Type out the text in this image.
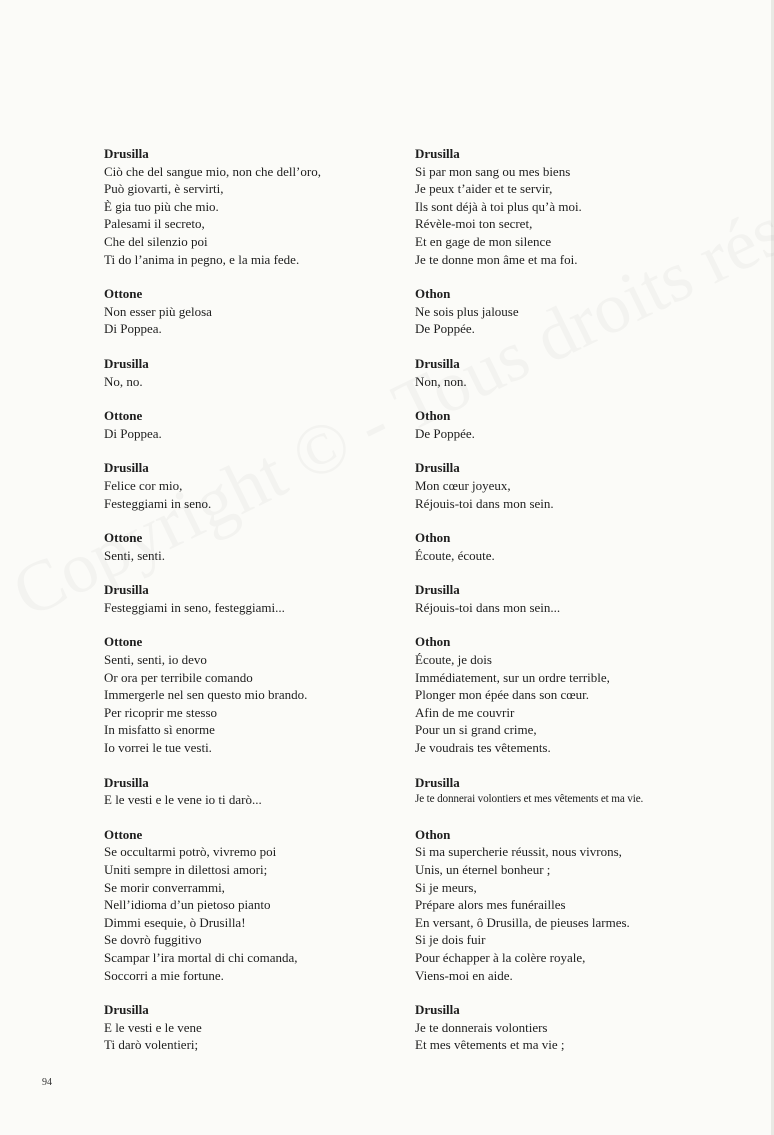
Drusilla
Ciò che del sangue mio, non che dell’oro,
Può giovarti, è servirti,
È gia tuo più che mio.
Palesami il secreto,
Che del silenzio poi
Ti do l’anima in pegno, e la mia fede.
Ottone
Non esser più gelosa
Di Poppea.
Drusilla
No, no.
Ottone
Di Poppea.
Drusilla
Felice cor mio,
Festeggiami in seno.
Ottone
Senti, senti.
Drusilla
Festeggiami in seno, festeggiami...
Ottone
Senti, senti, io devo
Or ora per terribile comando
Immergerle nel sen questo mio brando.
Per ricoprir me stesso
In misfatto sì enorme
Io vorrei le tue vesti.
Drusilla
E le vesti e le vene io ti darò...
Ottone
Se occultarmi potrò, vivremo poi
Uniti sempre in dilettosi amori;
Se morir converrammi,
Nell’idioma d’un pietoso pianto
Dimmi esequie, ò Drusilla!
Se dovrò fuggitivo
Scampar l’ira mortal di chi comanda,
Soccorri a mie fortune.
Drusilla
E le vesti e le vene
Ti darò volentieri;
Drusilla
Si par mon sang ou mes biens
Je peux t’aider et te servir,
Ils sont déjà à toi plus qu’à moi.
Révèle-moi ton secret,
Et en gage de mon silence
Je te donne mon âme et ma foi.
Othon
Ne sois plus jalouse
De Poppée.
Drusilla
Non, non.
Othon
De Poppée.
Drusilla
Mon cœur joyeux,
Réjouis-toi dans mon sein.
Othon
Écoute, écoute.
Drusilla
Réjouis-toi dans mon sein...
Othon
Écoute, je dois
Immédiatement, sur un ordre terrible,
Plonger mon épée dans son cœur.
Afin de me couvrir
Pour un si grand crime,
Je voudrais tes vêtements.
Drusilla
Je te donnerai volontiers et mes vêtements et ma vie.
Othon
Si ma supercherie réussit, nous vivrons,
Unis, un éternel bonheur ;
Si je meurs,
Prépare alors mes funérailles
En versant, ô Drusilla, de pieuses larmes.
Si je dois fuir
Pour échapper à la colère royale,
Viens-moi en aide.
Drusilla
Je te donnerais volontiers
Et mes vêtements et ma vie ;
94
